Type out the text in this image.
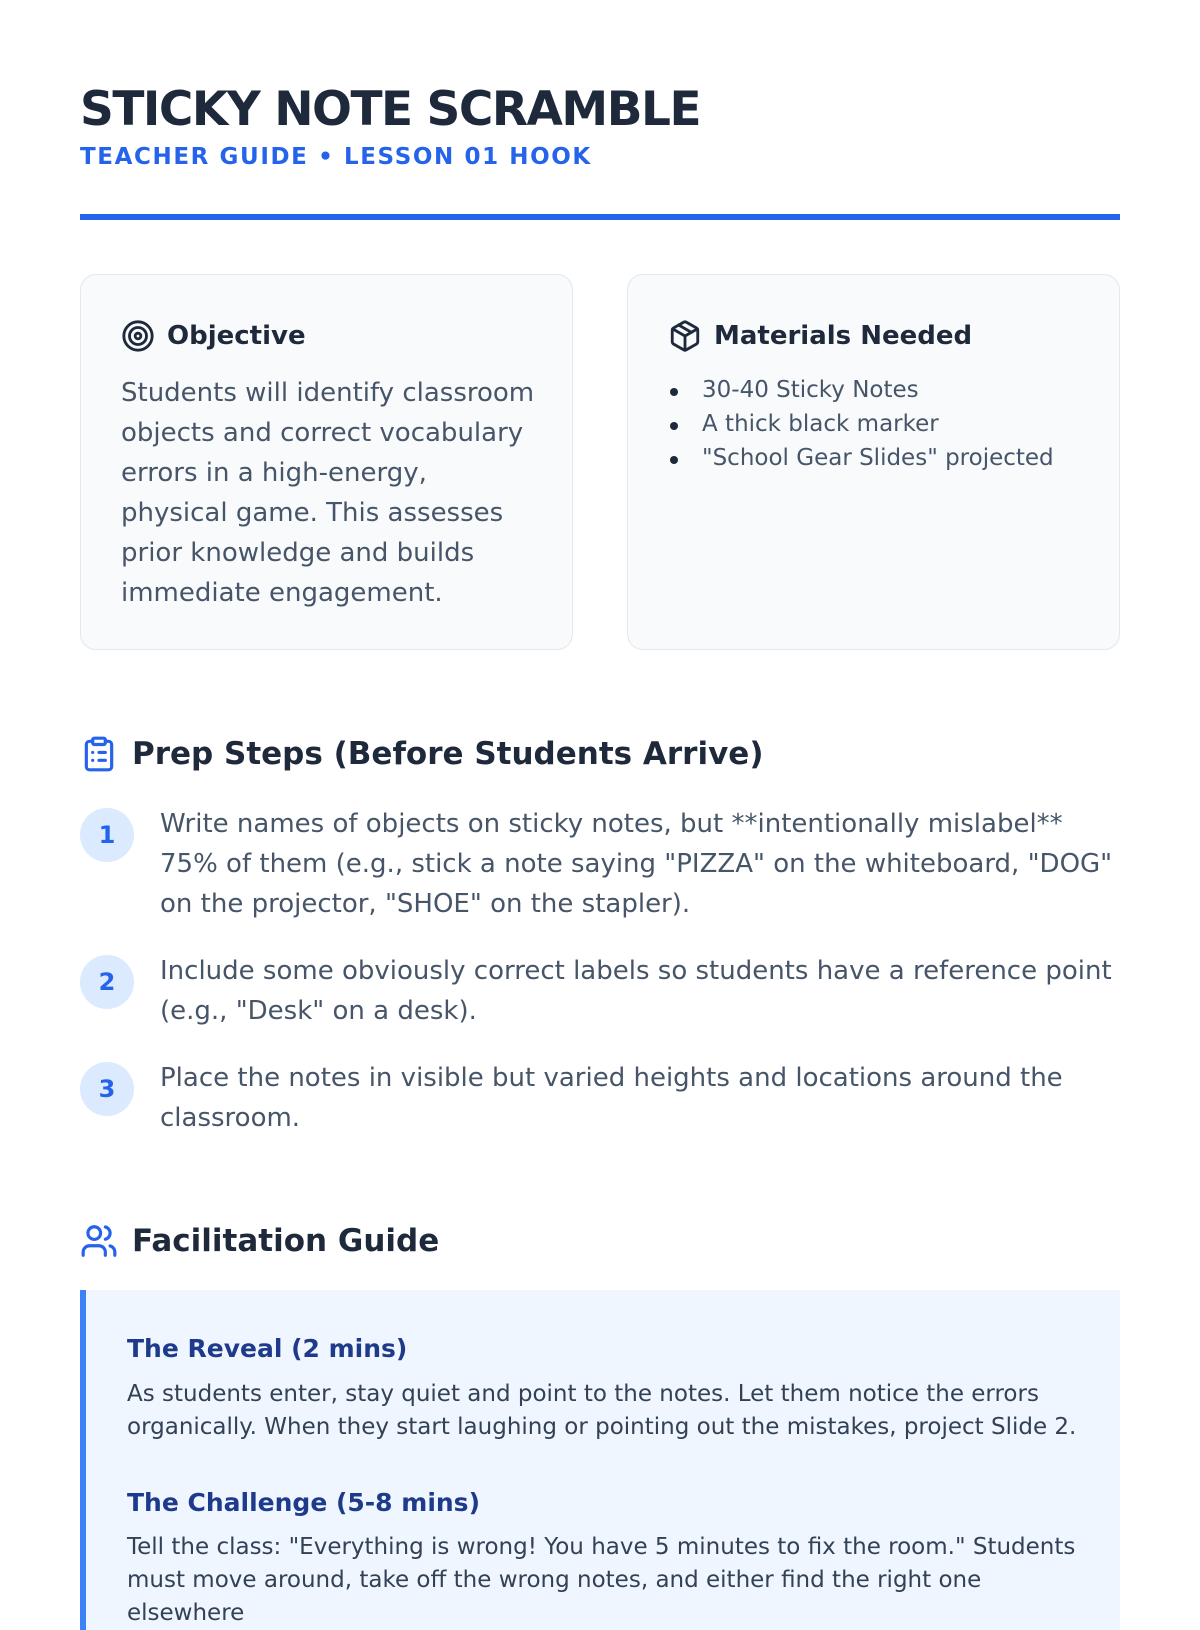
STICKY NOTE SCRAMBLE
TEACHER GUIDE • LESSON 01 HOOK
Objective

Students will identify classroom objects and correct vocabulary errors in a high-energy, physical game. This assesses prior knowledge and builds immediate engagement.

Materials Needed
30-40 Sticky Notes
A thick black marker
"School Gear Slides" projected
Prep Steps (Before Students Arrive)
1	Write names of objects on sticky notes, but **intentionally mislabel** 75% of them (e.g., stick a note saying "PIZZA" on the whiteboard, "DOG" on the projector, "SHOE" on the stapler).

2	Include some obviously correct labels so students have a reference point (e.g., "Desk" on a desk).

3	Place the notes in visible but varied heights and locations around the classroom.

Facilitation Guide
The Reveal (2 mins)

As students enter, stay quiet and point to the notes. Let them notice the errors organically. When they start laughing or pointing out the mistakes, project Slide 2.

The Challenge (5-8 mins)

Tell the class: "Everything is wrong! You have 5 minutes to fix the room." Students must move around, take off the wrong notes, and either find the right one elsewhere
